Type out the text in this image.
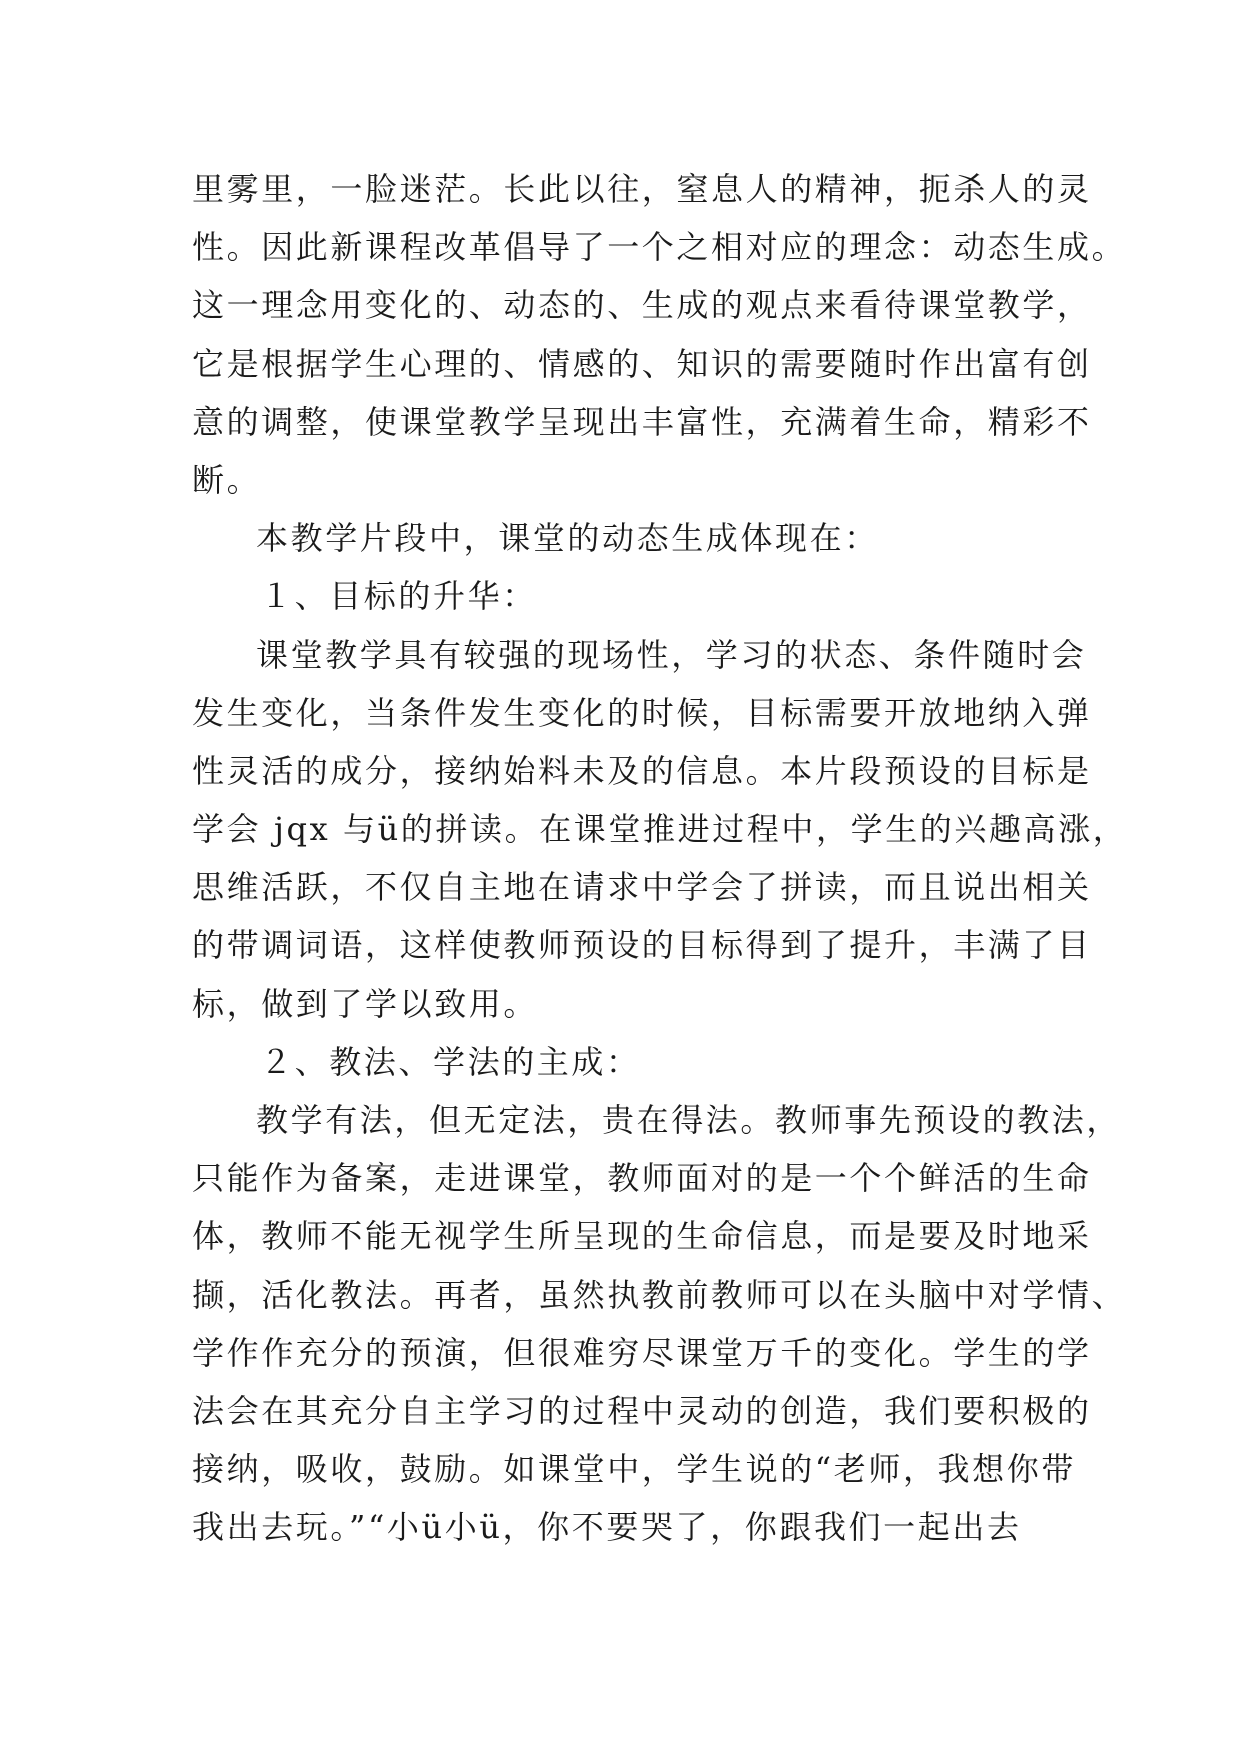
里雾里，一脸迷茫。长此以往，窒息人的精神，扼杀人的灵
性。因此新课程改革倡导了一个之相对应的理念：动态生成。
这一理念用变化的、动态的、生成的观点来看待课堂教学，
它是根据学生心理的、情感的、知识的需要随时作出富有创
意的调整，使课堂教学呈现出丰富性，充满着生命，精彩不
断。
本教学片段中，课堂的动态生成体现在：
１、目标的升华：
课堂教学具有较强的现场性，学习的状态、条件随时会
发生变化，当条件发生变化的时候，目标需要开放地纳入弹
性灵活的成分，接纳始料未及的信息。本片段预设的目标是
学会 jqx 与ü的拼读。在课堂推进过程中，学生的兴趣高涨，
思维活跃，不仅自主地在请求中学会了拼读，而且说出相关
的带调词语，这样使教师预设的目标得到了提升，丰满了目
标，做到了学以致用。
２、教法、学法的主成：
教学有法，但无定法，贵在得法。教师事先预设的教法，
只能作为备案，走进课堂，教师面对的是一个个鲜活的生命
体，教师不能无视学生所呈现的生命信息，而是要及时地采
撷，活化教法。再者，虽然执教前教师可以在头脑中对学情、
学作作充分的预演，但很难穷尽课堂万千的变化。学生的学
法会在其充分自主学习的过程中灵动的创造，我们要积极的
接纳，吸收，鼓励。如课堂中，学生说的“老师，我想你带
我出去玩。”“小ü小ü，你不要哭了，你跟我们一起出去
